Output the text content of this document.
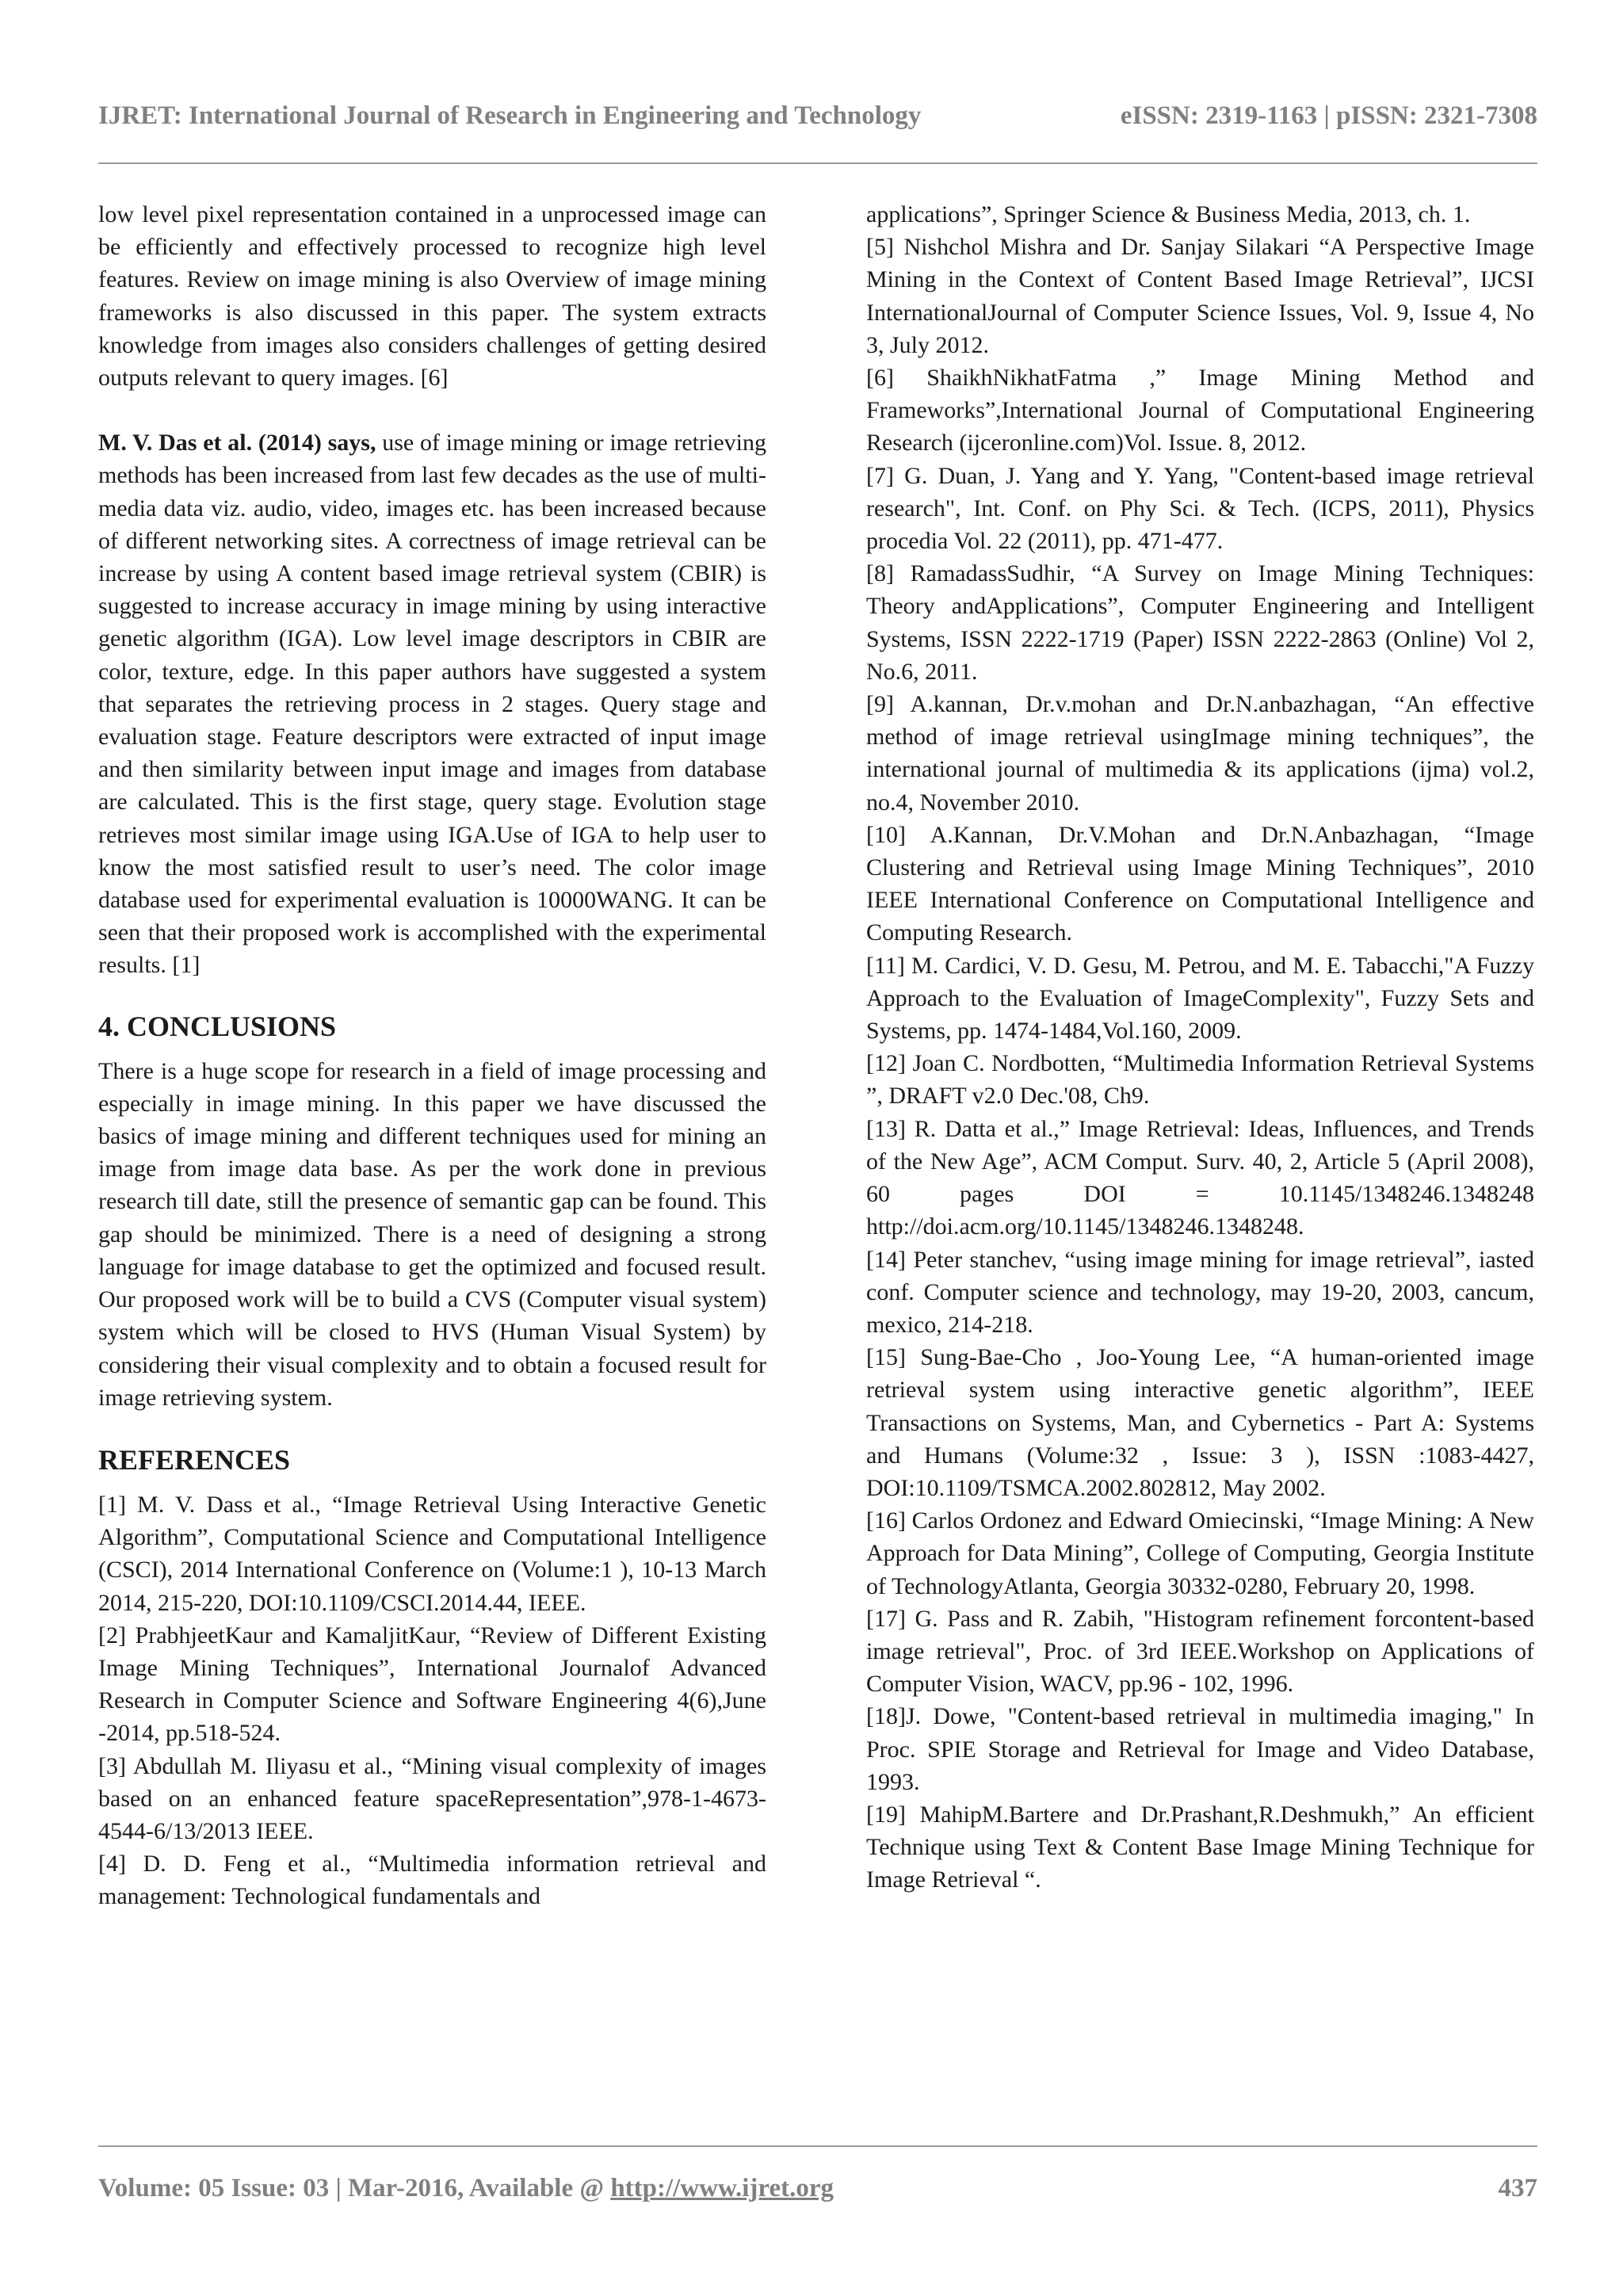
IJRET: International Journal of Research in Engineering and Technology	eISSN: 2319-1163 | pISSN: 2321-7308

low level pixel representation contained in a unprocessed image can be efficiently and effectively processed to recognize high level features. Review on image mining is also Overview of image mining frameworks is also discussed in this paper. The system extracts knowledge from images also considers challenges of getting desired outputs relevant to query images. [6]

M. V. Das et al. (2014) says, use of image mining or image retrieving methods has been increased from last few decades as the use of multi-media data viz. audio, video, images etc. has been increased because of different networking sites. A correctness of image retrieval can be increase by using A content based image retrieval system (CBIR) is suggested to increase accuracy in image mining by using interactive genetic algorithm (IGA). Low level image descriptors in CBIR are color, texture, edge. In this paper authors have suggested a system that separates the retrieving process in 2 stages. Query stage and evaluation stage. Feature descriptors were extracted of input image and then similarity between input image and images from database are calculated. This is the first stage, query stage. Evolution stage retrieves most similar image using IGA.Use of IGA to help user to know the most satisfied result to user’s need. The color image database used for experimental evaluation is 10000WANG. It can be seen that their proposed work is accomplished with the experimental results. [1]

4. CONCLUSIONS

There is a huge scope for research in a field of image processing and especially in image mining. In this paper we have discussed the basics of image mining and different techniques used for mining an image from image data base. As per the work done in previous research till date, still the presence of semantic gap can be found. This gap should be minimized. There is a need of designing a strong language for image database to get the optimized and focused result. Our proposed work will be to build a CVS (Computer visual system) system which will be closed to HVS (Human Visual System) by considering their visual complexity and to obtain a focused result for image retrieving system.

REFERENCES

[1] M. V. Dass et al., “Image Retrieval Using Interactive Genetic Algorithm”, Computational Science and Computational Intelligence (CSCI), 2014 International Conference on (Volume:1 ), 10-13 March 2014, 215-220, DOI:10.1109/CSCI.2014.44, IEEE.

[2] PrabhjeetKaur and KamaljitKaur, “Review of Different Existing Image Mining Techniques”, International Journalof Advanced Research in Computer Science and Software Engineering 4(6),June -2014, pp.518-524.

[3] Abdullah M. Iliyasu et al., “Mining visual complexity of images based on an enhanced feature spaceRepresentation”,978-1-4673-4544-6/13/2013 IEEE.

[4] D. D. Feng et al., “Multimedia information retrieval and management: Technological fundamentals and

applications”, Springer Science & Business Media, 2013, ch. 1.

[5] Nishchol Mishra and Dr. Sanjay Silakari “A Perspective Image Mining in the Context of Content Based Image Retrieval”, IJCSI InternationalJournal of Computer Science Issues, Vol. 9, Issue 4, No 3, July 2012.

[6] ShaikhNikhatFatma ,” Image Mining Method and Frameworks”,International Journal of Computational Engineering Research (ijceronline.com)Vol. Issue. 8, 2012.

[7] G. Duan, J. Yang and Y. Yang, "Content-based image retrieval research", Int. Conf. on Phy Sci. & Tech. (ICPS, 2011), Physics procedia Vol. 22 (2011), pp. 471-477.

[8] RamadassSudhir, “A Survey on Image Mining Techniques: Theory andApplications”, Computer Engineering and Intelligent Systems, ISSN 2222-1719 (Paper) ISSN 2222-2863 (Online) Vol 2, No.6, 2011.

[9] A.kannan, Dr.v.mohan and Dr.N.anbazhagan, “An effective method of image retrieval usingImage mining techniques”, the international journal of multimedia & its applications (ijma) vol.2, no.4, November 2010.

[10] A.Kannan, Dr.V.Mohan and Dr.N.Anbazhagan, “Image Clustering and Retrieval using Image Mining Techniques”, 2010 IEEE International Conference on Computational Intelligence and Computing Research.

[11] M. Cardici, V. D. Gesu, M. Petrou, and M. E. Tabacchi,"A Fuzzy Approach to the Evaluation of ImageComplexity", Fuzzy Sets and Systems, pp. 1474-1484,Vol.160, 2009.

[12] Joan C. Nordbotten, “Multimedia Information Retrieval Systems ”, DRAFT v2.0 Dec.'08, Ch9.

[13] R. Datta et al.,” Image Retrieval: Ideas, Influences, and Trends of the New Age”, ACM Comput. Surv. 40, 2, Article 5 (April 2008), 60 pages DOI = 10.1145/1348246.1348248 http://doi.acm.org/10.1145/1348246.1348248.

[14] Peter stanchev, “using image mining for image retrieval”, iasted conf. Computer science and technology, may 19-20, 2003, cancum, mexico, 214-218.

[15] Sung-Bae-Cho , Joo-Young Lee, “A human-oriented image retrieval system using interactive genetic algorithm”, IEEE Transactions on Systems, Man, and Cybernetics - Part A: Systems and Humans (Volume:32 , Issue: 3 ), ISSN :1083-4427, DOI:10.1109/TSMCA.2002.802812, May 2002.

[16] Carlos Ordonez and Edward Omiecinski, “Image Mining: A New Approach for Data Mining”, College of Computing, Georgia Institute of TechnologyAtlanta, Georgia 30332-0280, February 20, 1998.

[17] G. Pass and R. Zabih, "Histogram refinement forcontent-based image retrieval", Proc. of 3rd IEEE.Workshop on Applications of Computer Vision, WACV, pp.96 - 102, 1996.

[18]J. Dowe, "Content-based retrieval in multimedia imaging," In Proc. SPIE Storage and Retrieval for Image and Video Database, 1993.

[19] MahipM.Bartere and Dr.Prashant,R.Deshmukh,” An efficient Technique using Text & Content Base Image Mining Technique for Image Retrieval “.

Volume: 05 Issue: 03 | Mar-2016, Available @ http://www.ijret.org	437
